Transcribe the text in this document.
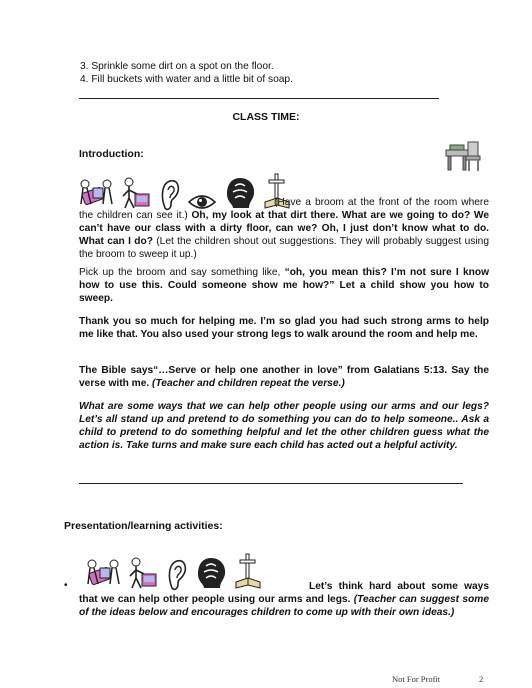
3. Sprinkle some dirt on a spot on the floor.
4. Fill buckets with water and a little bit of soap.
CLASS TIME:
Introduction:
(Have a broom at the front of the room where the children can see it.) Oh, my look at that dirt there. What are we going to do? We can’t have our class with a dirty floor, can we? Oh, I just don’t know what to do. What can I do? (Let the children shout out suggestions. They will probably suggest using the broom to sweep it up.)
Pick up the broom and say something like, “oh, you mean this? I’m not sure I know how to use this. Could someone show me how?” Let a child show you how to sweep.
Thank you so much for helping me. I’m so glad you had such strong arms to help me like that. You also used your strong legs to walk around the room and help me.
The Bible says“…Serve or help one another in love” from Galatians 5:13. Say the verse with me. (Teacher and children repeat the verse.)
What are some ways that we can help other people using our arms and our legs? Let’s all stand up and pretend to do something you can do to help someone.. Ask a child to pretend to do something helpful and let the other children guess what the action is. Take turns and make sure each child has acted out a helpful activity.
Presentation/learning activities:
•	Let’s think hard about some ways that we can help other people using our arms and legs. (Teacher can suggest some of the ideas below and encourages children to come up with their own ideas.)
Not For Profit	2
